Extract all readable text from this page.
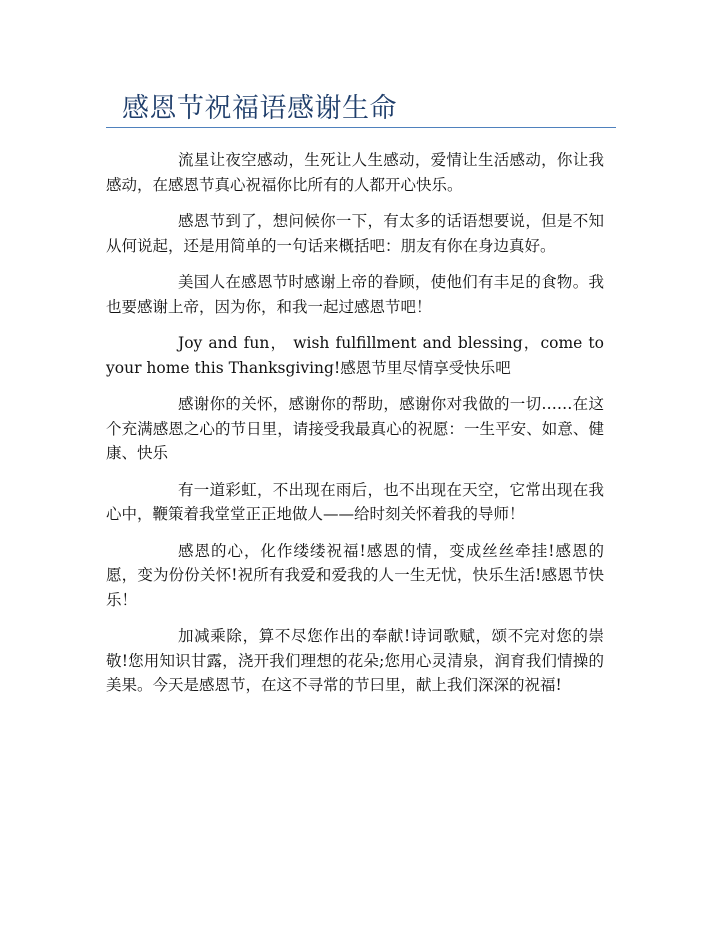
感恩节祝福语感谢生命

流星让夜空感动，生死让人生感动，爱情让生活感动，你让我感动，在感恩节真心祝福你比所有的人都开心快乐。

感恩节到了，想问候你一下，有太多的话语想要说，但是不知从何说起，还是用简单的一句话来概括吧：朋友有你在身边真好。

美国人在感恩节时感谢上帝的眷顾，使他们有丰足的食物。我也要感谢上帝，因为你，和我一起过感恩节吧！

Joy and fun， wish fulfillment and blessing，come to your home this Thanksgiving!感恩节里尽情享受快乐吧

感谢你的关怀，感谢你的帮助，感谢你对我做的一切……在这个充满感恩之心的节日里，请接受我最真心的祝愿：一生平安、如意、健康、快乐

有一道彩虹，不出现在雨后，也不出现在天空，它常出现在我心中，鞭策着我堂堂正正地做人——给时刻关怀着我的导师！

感恩的心，化作缕缕祝福!感恩的情，变成丝丝牵挂!感恩的愿，变为份份关怀!祝所有我爱和爱我的人一生无忧，快乐生活!感恩节快乐！

加减乘除，算不尽您作出的奉献!诗词歌赋，颂不完对您的崇敬!您用知识甘露，浇开我们理想的花朵;您用心灵清泉，润育我们情操的美果。今天是感恩节，在这不寻常的节曰里，献上我们深深的祝福!
